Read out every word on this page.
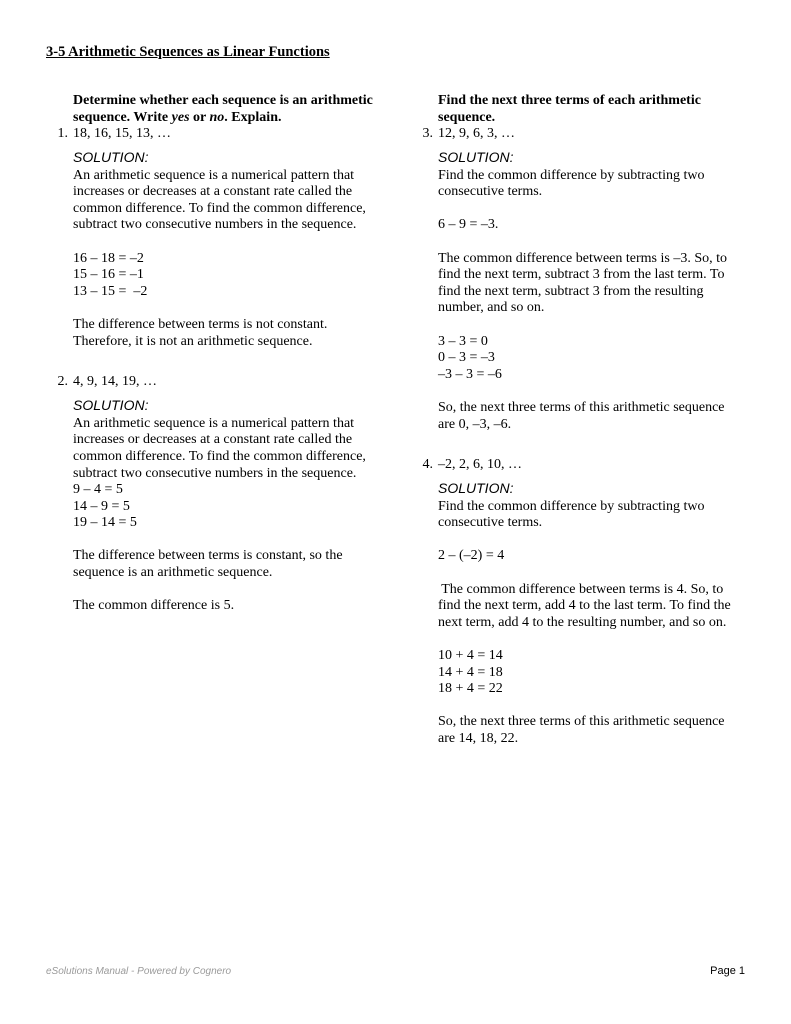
3-5 Arithmetic Sequences as Linear Functions
Determine whether each sequence is an arithmetic sequence. Write yes or no. Explain.
1. 18, 16, 15, 13, …
SOLUTION:
An arithmetic sequence is a numerical pattern that
increases or decreases at a constant rate called the
common difference. To find the common difference,
subtract two consecutive numbers in the sequence.
16 – 18 = –2
15 – 16 = –1
13 – 15 =  –2
The difference between terms is not constant.
Therefore, it is not an arithmetic sequence.
2. 4, 9, 14, 19, …
SOLUTION:
An arithmetic sequence is a numerical pattern that
increases or decreases at a constant rate called the
common difference. To find the common difference,
subtract two consecutive numbers in the sequence.
9 – 4 = 5
14 – 9 = 5
19 – 14 = 5
The difference between terms is constant, so the
sequence is an arithmetic sequence.
The common difference is 5.
Find the next three terms of each arithmetic
sequence.
3. 12, 9, 6, 3, …
SOLUTION:
Find the common difference by subtracting two
consecutive terms.
6 – 9 = –3.
The common difference between terms is –3. So, to
find the next term, subtract 3 from the last term. To
find the next term, subtract 3 from the resulting
number, and so on.
3 – 3 = 0
0 – 3 = –3
–3 – 3 = –6
So, the next three terms of this arithmetic sequence
are 0, –3, –6.
4. –2, 2, 6, 10, …
SOLUTION:
Find the common difference by subtracting two
consecutive terms.
2 – (–2) = 4
The common difference between terms is 4. So, to
find the next term, add 4 to the last term. To find the
next term, add 4 to the resulting number, and so on.
10 + 4 = 14
14 + 4 = 18
18 + 4 = 22
So, the next three terms of this arithmetic sequence
are 14, 18, 22.
eSolutions Manual - Powered by Cognero	Page 1
